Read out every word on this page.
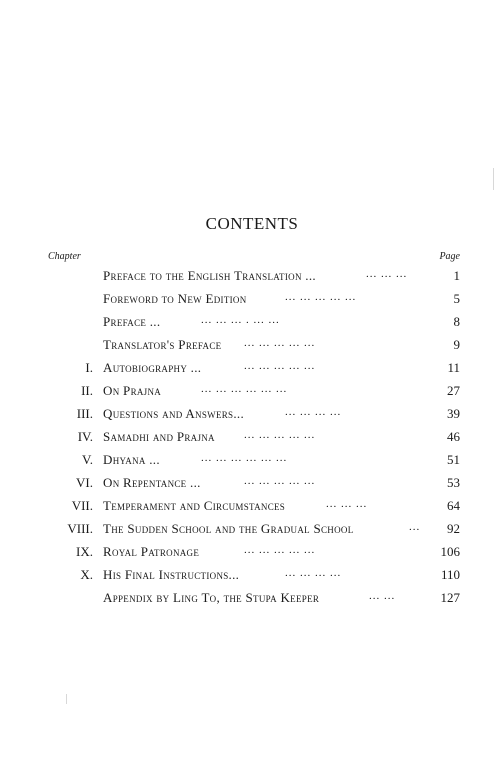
CONTENTS
Chapter	Page
Preface to the English Translation ...	... ... ...	1
Foreword to New Edition	... ... ... ... ...	5
Preface ...	... ... ... . ... ...	8
Translator's Preface ... ... ... ... ...	9
I. Autobiography ...	... ... ... ... ...	11
II. On Prajna	... ... ... ... ... ...	27
III. Questions and Answers...	... ... ... ...	39
IV. Samadhi and Prajna	... ... ... ... ...	46
V. Dhyana ...	... ... ... ... ... ...	51
VI. On Repentance ...	... ... ... ... ...	53
VII. Temperament and Circumstances	... ... ...	64
VIII. The Sudden School and the Gradual School	... 92
IX. Royal Patronage	... ... ... ... ...	106
X. His Final Instructions...	... ... ... ...	110
Appendix by Ling To, the Stupa Keeper	... ...	127
